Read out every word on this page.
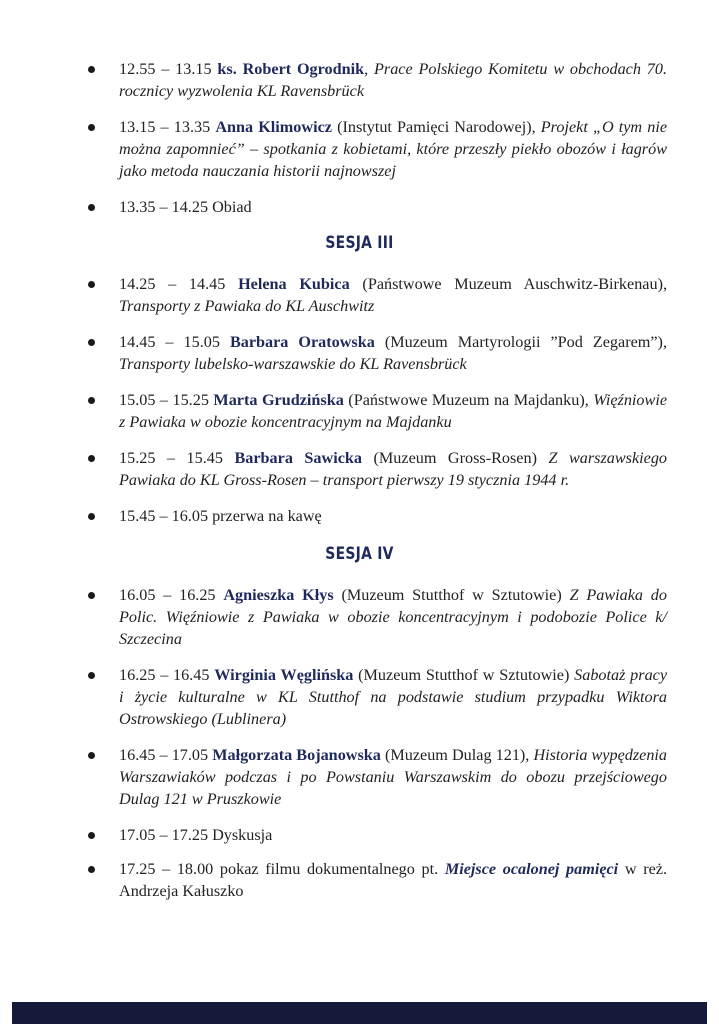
12.55 – 13.15 ks. Robert Ogrodnik, Prace Polskiego Komitetu w obchodach 70. rocznicy wyzwolenia KL Ravensbrück
13.15 – 13.35 Anna Klimowicz (Instytut Pamięci Narodowej), Projekt „O tym nie można zapomnieć” – spotkania z kobietami, które przeszły piekło obozów i łagrów jako metoda nauczania historii najnowszej
13.35 – 14.25 Obiad
SESJA III
14.25 – 14.45 Helena Kubica (Państwowe Muzeum Auschwitz-Birkenau), Transporty z Pawiaka do KL Auschwitz
14.45 – 15.05 Barbara Oratowska (Muzeum Martyrologii ”Pod Zegarem”), Transporty lubelsko-warszawskie do KL Ravensbrück
15.05 – 15.25 Marta Grudzińska (Państwowe Muzeum na Majdanku), Więźniowie z Pawiaka w obozie koncentracyjnym na Majdanku
15.25 – 15.45 Barbara Sawicka (Muzeum Gross-Rosen) Z warszawskiego Pawiaka do KL Gross-Rosen – transport pierwszy 19 stycznia 1944 r.
15.45 – 16.05 przerwa na kawę
SESJA IV
16.05 – 16.25 Agnieszka Kłys (Muzeum Stutthof w Sztutowie) Z Pawiaka do Polic. Więźniowie z Pawiaka w obozie koncentracyjnym i podobozie Police k/ Szczecina
16.25 – 16.45 Wirginia Węglińska (Muzeum Stutthof w Sztutowie) Sabotaż pracy i życie kulturalne w KL Stutthof na podstawie studium przypadku Wiktora Ostrowskiego (Lublinera)
16.45 – 17.05 Małgorzata Bojanowska (Muzeum Dulag 121), Historia wypędzenia Warszawiaków podczas i po Powstaniu Warszawskim do obozu przejściowego Dulag 121 w Pruszkowie
17.05 – 17.25 Dyskusja
17.25 – 18.00 pokaz filmu dokumentalnego pt. Miejsce ocalonej pamięci w reż. Andrzeja Kałuszko
